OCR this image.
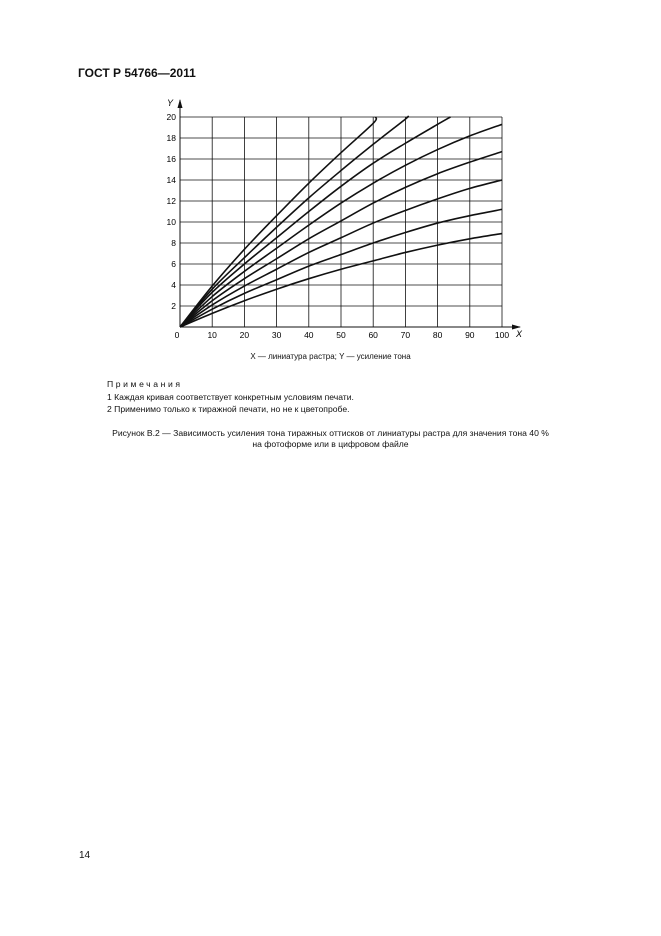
ГОСТ Р 54766—2011
Y
X
0	10	20	30	40	50	60	70	80	90 100
2
4
6
8
10
12
14
16
18
20
X — линиатура растра; Y — усиление тона
Примечания
1 Каждая кривая соответствует конкретным условиям печати.
2 Применимо только к тиражной печати, но не к цветопробе.
Рисунок В.2 — Зависимость усиления тона тиражных оттисков от линиатуры растра для значения тона 40 %
на фотоформе или в цифровом файле
14
